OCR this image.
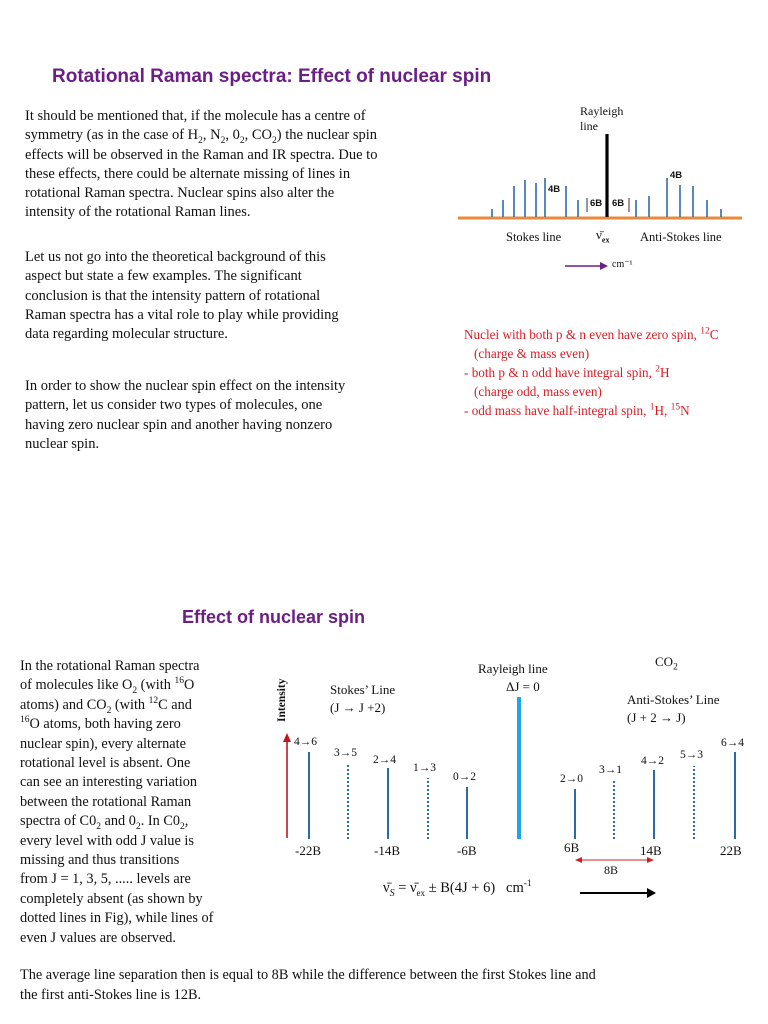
Rotational Raman spectra: Effect of nuclear spin
It should be mentioned that, if the molecule has a centre of
symmetry (as in the case of $H_2$, $N_2$, $0_2$, $CO_2$) the nuclear spin
effects will be observed in the Raman and IR spectra. Due to
these effects, there could be alternate missing of lines in
rotational Raman spectra. Nuclear spins also alter the
intensity of the rotational Raman lines.
Let us not go into the theoretical background of this
aspect but state a few examples. The significant
conclusion is that the intensity pattern of rotational
Raman spectra has a vital role to play while providing
data regarding molecular structure.
In order to show the nuclear spin effect on the intensity
pattern, let us consider two types of molecules, one
having zero nuclear spin and another having nonzero
nuclear spin.
Nuclei with both p & n even have zero spin, $^{12}$C
(charge & mass even)
- both p & n odd have integral spin, $^2$H
(charge odd, mass even)
- odd mass have half-integral spin, $^1$H, $^{15}$N
Rayleigh
line
4B
6B 6B
4B
Stokes line	$\nū_{ex}$ Anti-Stokes line
cm⁻¹
Effect of nuclear spin
In the rotational Raman spectra
of molecules like $O_2$ (with $^{16}$O
atoms) and $CO_2$ (with $^{12}$C and
$^{16}$O atoms, both having zero
nuclear spin), every alternate
rotational level is absent. One
can see an interesting variation
between the rotational Raman
spectra of $C0_2$ and $0_2$. In $C0_2$,
every level with odd J value is
missing and thus transitions
from J = 1, 3, 5, ..... levels are
completely absent (as shown by
dotted lines in Fig), while lines of
even J values are observed.
Intensity	Stokes’ Line
(J → J +2)
Rayleigh line
ΔJ = 0
$CO_2$
Anti-Stokes’ Line
(J + 2 → J)
4→6
3→5
2→4
1→3
0→2	2→0
3→1
4→2 5→3
6→4
-22B	-14B	-6B	6B	14B	22B
8B
$\nū_S$ = $\nū_{ex} \pm B(4J + 6)$   $cm^{-1}$
The average line separation then is equal to 8B while the difference between the first Stokes line and
the first anti-Stokes line is 12B.
